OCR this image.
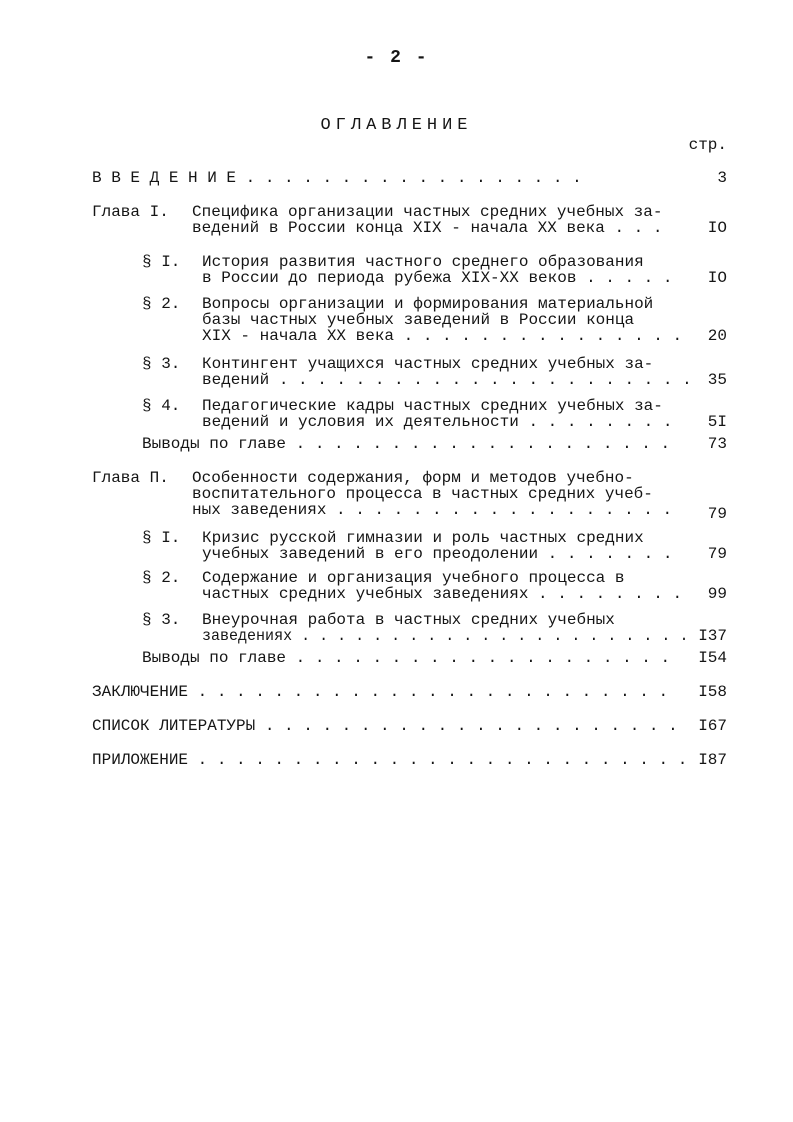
- 2 -
ОГЛАВЛЕНИЕ
стр.
В В Е Д Е Н И Е . . . . . . . . . . . . . . . . . .	3
Глава I. Специфика организации частных средних учебных за-
ведений в России конца XIX - начала XX века . . .	IO
§ I. История развития частного среднего образования
в России до периода рубежа XIX-XX веков . . . . . IO
§ 2. Вопросы организации и формирования материальной
базы частных учебных заведений в России конца
XIX - начала XX века . . . . . . . . . . . . . . . 20
§ 3. Контингент учащихся частных средних учебных за-
ведений . . . . . . . . . . . . . . . . . . . . . . 35
§ 4. Педагогические кадры частных средних учебных за-
ведений и условия их деятельности . . . . . . . . 5I
Выводы по главе . . . . . . . . . . . . . . . . . . . . 73
Глава П. Особенности содержания, форм и методов учебно-
воспитательного процесса в частных средних учеб-
ных заведениях . . . . . . . . . . . . . . . . . . 79
§ I. Кризис русской гимназии и роль частных средних
учебных заведений в его преодолении . . . . . . . 79
§ 2. Содержание и организация учебного процесса в
частных средних учебных заведениях . . . . . . . . 99
§ 3. Внеурочная работа в частных средних учебных
заведениях . . . . . . . . . . . . . . . . . . . . . . I37
Выводы по главе . . . . . . . . . . . . . . . . . . . . I54
ЗАКЛЮЧЕНИЕ . . . . . . . . . . . . . . . . . . . . . . . . . I58
СПИСОК ЛИТЕРАТУРЫ . . . . . . . . . . . . . . . . . . . . . . I67
ПРИЛОЖЕНИЕ . . . . . . . . . . . . . . . . . . . . . . . . . . I87
